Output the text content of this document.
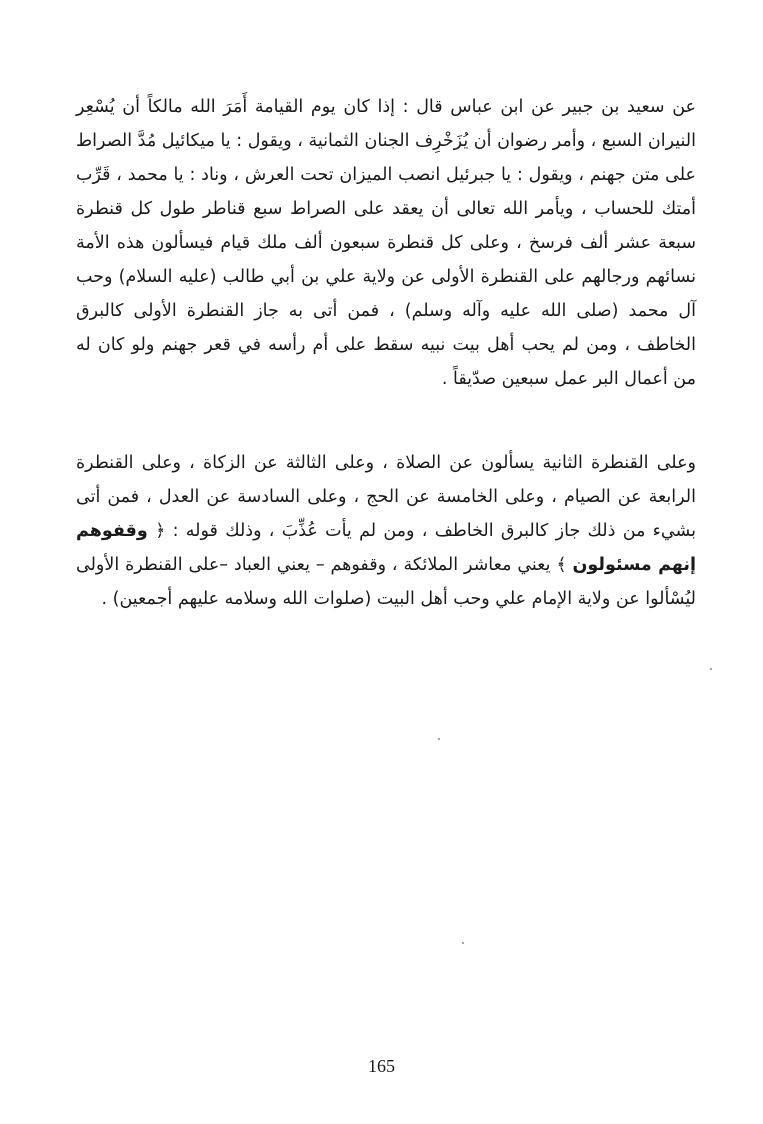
عن سعيد بن جبير عن ابن عباس قال : إذا كان يوم القيامة أَمَرَ الله مالكاً أن يُسْعِر النيران السبع ، وأمر رضوان أن يُزَخْرِف الجنان الثمانية ، ويقول : يا ميكائيل مُدَّ الصراط على متن جهنم ، ويقول : يا جبرئيل انصب الميزان تحت العرش ، وناد : يا محمد ، قَرِّب أمتك للحساب ، ويأمر الله تعالى أن يعقد على الصراط سبع قناطر طول كل قنطرة سبعة عشر ألف فرسخ ، وعلى كل قنطرة سبعون ألف ملك قيام فيسألون هذه الأمة نسائهم ورجالهم على القنطرة الأولى عن ولاية علي بن أبي طالب (عليه السلام) وحب آل محمد (صلى الله عليه وآله وسلم) ، فمن أتى به جاز القنطرة الأولى كالبرق الخاطف ، ومن لم يحب أهل بيت نبيه سقط على أم رأسه في قعر جهنم ولو كان له من أعمال البر عمل سبعين صدّيقاً .

وعلى القنطرة الثانية يسألون عن الصلاة ، وعلى الثالثة عن الزكاة ، وعلى القنطرة الرابعة عن الصيام ، وعلى الخامسة عن الحج ، وعلى السادسة عن العدل ، فمن أتى بشيء من ذلك جاز كالبرق الخاطف ، ومن لم يأت عُذِّبَ ، وذلك قوله : ﴿ وقفوهم إنهم مسئولون ﴾ يعني معاشر الملائكة ، وقفوهم – يعني العباد –على القنطرة الأولى ليُسْألوا عن ولاية الإمام علي وحب أهل البيت (صلوات الله وسلامه عليهم أجمعين) .

165
